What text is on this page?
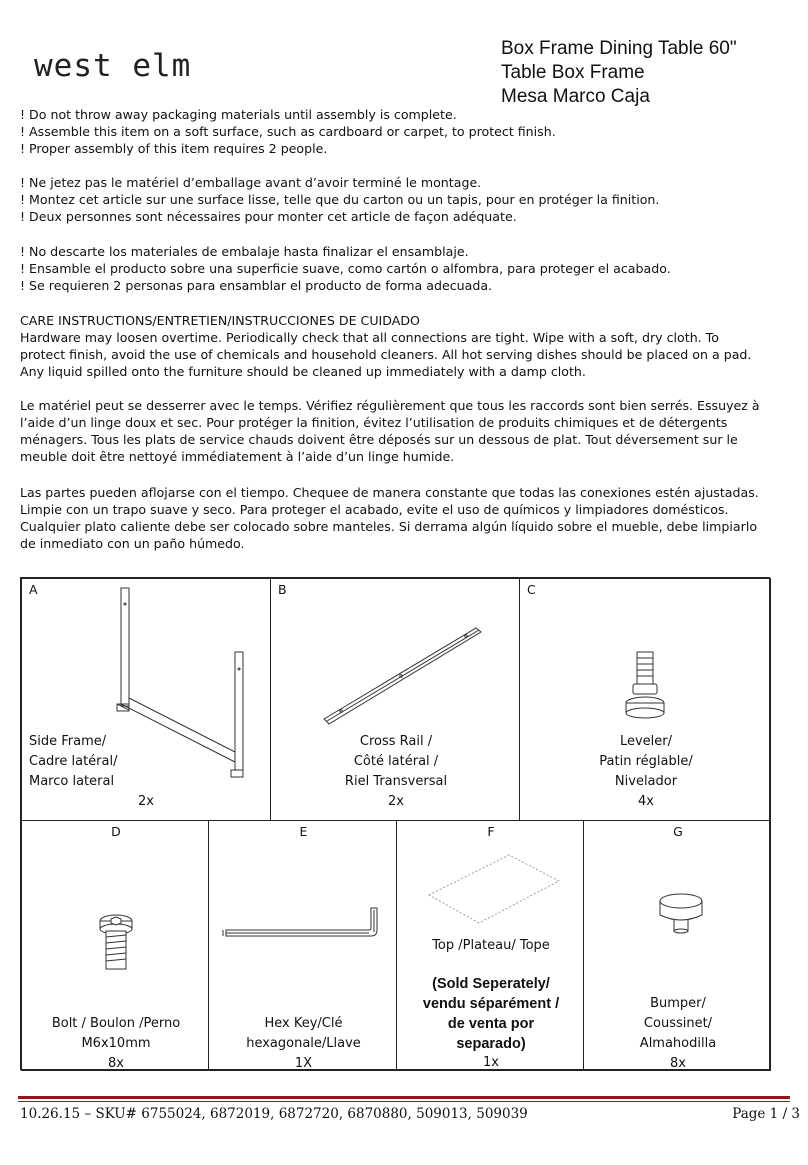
west elm	Box Frame Dining Table 60"
Table Box Frame
Mesa Marco Caja
! Do not throw away packaging materials until assembly is complete.
! Assemble this item on a soft surface, such as cardboard or carpet, to protect finish.
! Proper assembly of this item requires 2 people.
! Ne jetez pas le matériel d’emballage avant d’avoir terminé le montage.
! Montez cet article sur une surface lisse, telle que du carton ou un tapis, pour en protéger la finition.
! Deux personnes sont nécessaires pour monter cet article de façon adéquate.
! No descarte los materiales de embalaje hasta finalizar el ensamblaje.
! Ensamble el producto sobre una superficie suave, como cartón o alfombra, para proteger el acabado.
! Se requieren 2 personas para ensamblar el producto de forma adecuada.
CARE INSTRUCTIONS/ENTRETIEN/INSTRUCCIONES DE CUIDADO
Hardware may loosen overtime. Periodically check that all connections are tight. Wipe with a soft, dry cloth. To
protect finish, avoid the use of chemicals and household cleaners. All hot serving dishes should be placed on a pad.
Any liquid spilled onto the furniture should be cleaned up immediately with a damp cloth.
Le matériel peut se desserrer avec le temps. Vérifiez régulièrement que tous les raccords sont bien serrés. Essuyez à
l’aide d’un linge doux et sec. Pour protéger la finition, évitez l’utilisation de produits chimiques et de détergents
ménagers. Tous les plats de service chauds doivent être déposés sur un dessous de plat. Tout déversement sur le
meuble doit être nettoyé immédiatement à l’aide d’un linge humide.
Las partes pueden aflojarse con el tiempo. Chequee de manera constante que todas las conexiones estén ajustadas.
Limpie con un trapo suave y seco. Para proteger el acabado, evite el uso de químicos y limpiadores domésticos.
Cualquier plato caliente debe ser colocado sobre manteles. Si derrama algún líquido sobre el mueble, debe limpiarlo
de inmediato con un paño húmedo.
A
Side Frame/
Cadre latéral/
Marco lateral
2x
B
Cross Rail /
Côté latéral /
Riel Transversal
2x
C
Leveler/
Patin réglable/
Nivelador
4x
D
Bolt / Boulon /Perno
M6x10mm
8x
E
Hex Key/Clé
hexagonale/Llave
1X
F
Top /Plateau/ Tope
(Sold Seperately/
vendu séparément /
de venta por
separado)
1x
G
Bumper/
Coussinet/
Almahodilla
8x
10.26.15 – SKU# 6755024, 6872019, 6872720, 6870880, 509013, 509039	Page 1 / 3
